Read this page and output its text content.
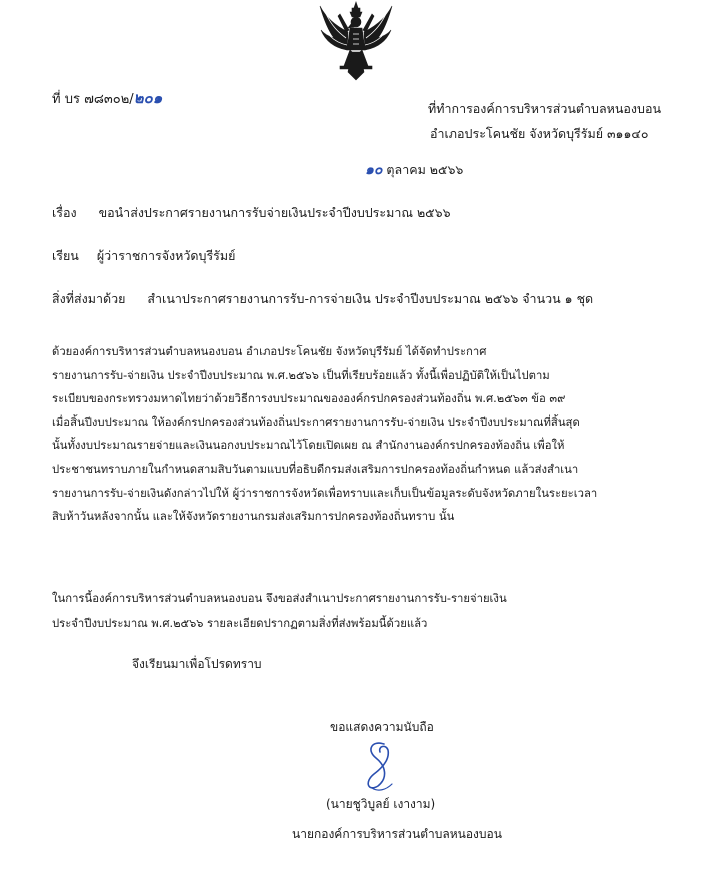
ที่ บร ๗๘๓๐๒/๒๐๑
ที่ทำการองค์การบริหารส่วนตำบลหนองบอน
อำเภอประโคนชัย จังหวัดบุรีรัมย์ ๓๑๑๔๐
๑๐ ตุลาคม ๒๕๖๖
เรื่อง ขอนำส่งประกาศรายงานการรับจ่ายเงินประจำปีงบประมาณ ๒๕๖๖
เรียน ผู้ว่าราชการจังหวัดบุรีรัมย์
สิ่งที่ส่งมาด้วย สำเนาประกาศรายงานการรับ-การจ่ายเงิน ประจำปีงบประมาณ ๒๕๖๖ จำนวน ๑ ชุด
ด้วยองค์การบริหารส่วนตำบลหนองบอน อำเภอประโคนชัย จังหวัดบุรีรัมย์ ได้จัดทำประกาศ
รายงานการรับ-จ่ายเงิน ประจำปีงบประมาณ พ.ศ.๒๕๖๖ เป็นที่เรียบร้อยแล้ว ทั้งนี้เพื่อปฏิบัติให้เป็นไปตาม
ระเบียบของกระทรวงมหาดไทยว่าด้วยวิธีการงบประมาณขององค์กรปกครองส่วนท้องถิ่น พ.ศ.๒๕๖๓ ข้อ ๓๙
เมื่อสิ้นปีงบประมาณ ให้องค์กรปกครองส่วนท้องถิ่นประกาศรายงานการรับ-จ่ายเงิน ประจำปีงบประมาณที่สิ้นสุด
นั้นทั้งงบประมาณรายจ่ายและเงินนอกงบประมาณไว้โดยเปิดเผย ณ สำนักงานองค์กรปกครองท้องถิ่น เพื่อให้
ประชาชนทราบภายในกำหนดสามสิบวันตามแบบที่อธิบดีกรมส่งเสริมการปกครองท้องถิ่นกำหนด แล้วส่งสำเนา
รายงานการรับ-จ่ายเงินดังกล่าวไปให้ ผู้ว่าราชการจังหวัดเพื่อทราบและเก็บเป็นข้อมูลระดับจังหวัดภายในระยะเวลา
สิบห้าวันหลังจากนั้น และให้จังหวัดรายงานกรมส่งเสริมการปกครองท้องถิ่นทราบ นั้น
ในการนี้องค์การบริหารส่วนตำบลหนองบอน จึงขอส่งสำเนาประกาศรายงานการรับ-รายจ่ายเงิน
ประจำปีงบประมาณ พ.ศ.๒๕๖๖ รายละเอียดปรากฏตามสิ่งที่ส่งพร้อมนี้ด้วยแล้ว
จึงเรียนมาเพื่อโปรดทราบ
ขอแสดงความนับถือ
(นายชูวิบูลย์ เงางาม)
นายกองค์การบริหารส่วนตำบลหนองบอน
